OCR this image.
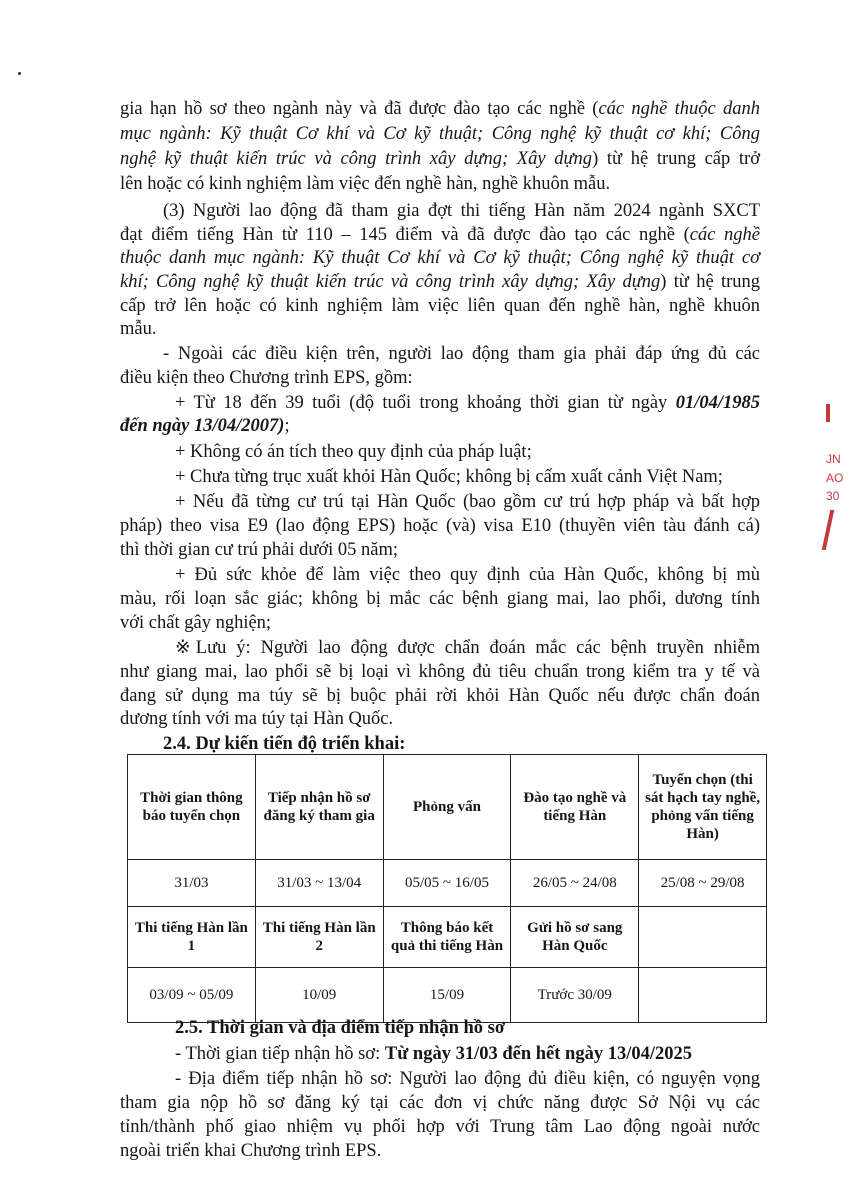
gia hạn hồ sơ theo ngành này và đã được đào tạo các nghề (các nghề thuộc danh
mục ngành: Kỹ thuật Cơ khí và Cơ kỹ thuật; Công nghệ kỹ thuật cơ khí; Công
nghệ kỹ thuật kiến trúc và công trình xây dựng; Xây dựng) từ hệ trung cấp trở
lên hoặc có kinh nghiệm làm việc đến nghề hàn, nghề khuôn mẫu.
(3) Người lao động đã tham gia đợt thi tiếng Hàn năm 2024 ngành SXCT
đạt điểm tiếng Hàn từ 110 – 145 điểm và đã được đào tạo các nghề (các nghề
thuộc danh mục ngành: Kỹ thuật Cơ khí và Cơ kỹ thuật; Công nghệ kỹ thuật cơ
khí; Công nghệ kỹ thuật kiến trúc và công trình xây dựng; Xây dựng) từ hệ trung
cấp trở lên hoặc có kinh nghiệm làm việc liên quan đến nghề hàn, nghề khuôn
mẫu.
- Ngoài các điều kiện trên, người lao động tham gia phải đáp ứng đủ các
điều kiện theo Chương trình EPS, gồm:
+ Từ 18 đến 39 tuổi (độ tuổi trong khoảng thời gian từ ngày 01/04/1985
đến ngày 13/04/2007);
+ Không có án tích theo quy định của pháp luật;
+ Chưa từng trục xuất khỏi Hàn Quốc; không bị cấm xuất cảnh Việt Nam;
+ Nếu đã từng cư trú tại Hàn Quốc (bao gồm cư trú hợp pháp và bất hợp
pháp) theo visa E9 (lao động EPS) hoặc (và) visa E10 (thuyền viên tàu đánh cá)
thì thời gian cư trú phải dưới 05 năm;
+ Đủ sức khỏe để làm việc theo quy định của Hàn Quốc, không bị mù
màu, rối loạn sắc giác; không bị mắc các bệnh giang mai, lao phổi, dương tính
với chất gây nghiện;
※Lưu ý: Người lao động được chẩn đoán mắc các bệnh truyền nhiễm
như giang mai, lao phổi sẽ bị loại vì không đủ tiêu chuẩn trong kiểm tra y tế và
đang sử dụng ma túy sẽ bị buộc phải rời khỏi Hàn Quốc nếu được chẩn đoán
dương tính với ma túy tại Hàn Quốc.
2.4. Dự kiến tiến độ triển khai:
Thời gian thông báo tuyển chọn	Tiếp nhận hồ sơ đăng ký tham gia	Phỏng vấn	Đào tạo nghề và tiếng Hàn	Tuyển chọn (thi sát hạch tay nghề, phỏng vấn tiếng Hàn)
31/03	31/03 ~ 13/04	05/05 ~ 16/05	26/05 ~ 24/08	25/08 ~ 29/08
Thi tiếng Hàn lần 1	Thi tiếng Hàn lần 2	Thông báo kết quả thi tiếng Hàn	Gửi hồ sơ sang Hàn Quốc	
03/09 ~ 05/09	10/09	15/09	Trước 30/09	
2.5. Thời gian và địa điểm tiếp nhận hồ sơ
- Thời gian tiếp nhận hồ sơ: Từ ngày 31/03 đến hết ngày 13/04/2025
- Địa điểm tiếp nhận hồ sơ: Người lao động đủ điều kiện, có nguyện vọng
tham gia nộp hồ sơ đăng ký tại các đơn vị chức năng được Sở Nội vụ các
tỉnh/thành phố giao nhiệm vụ phối hợp với Trung tâm Lao động ngoài nước
ngoài triển khai Chương trình EPS.
JN
AO
30
